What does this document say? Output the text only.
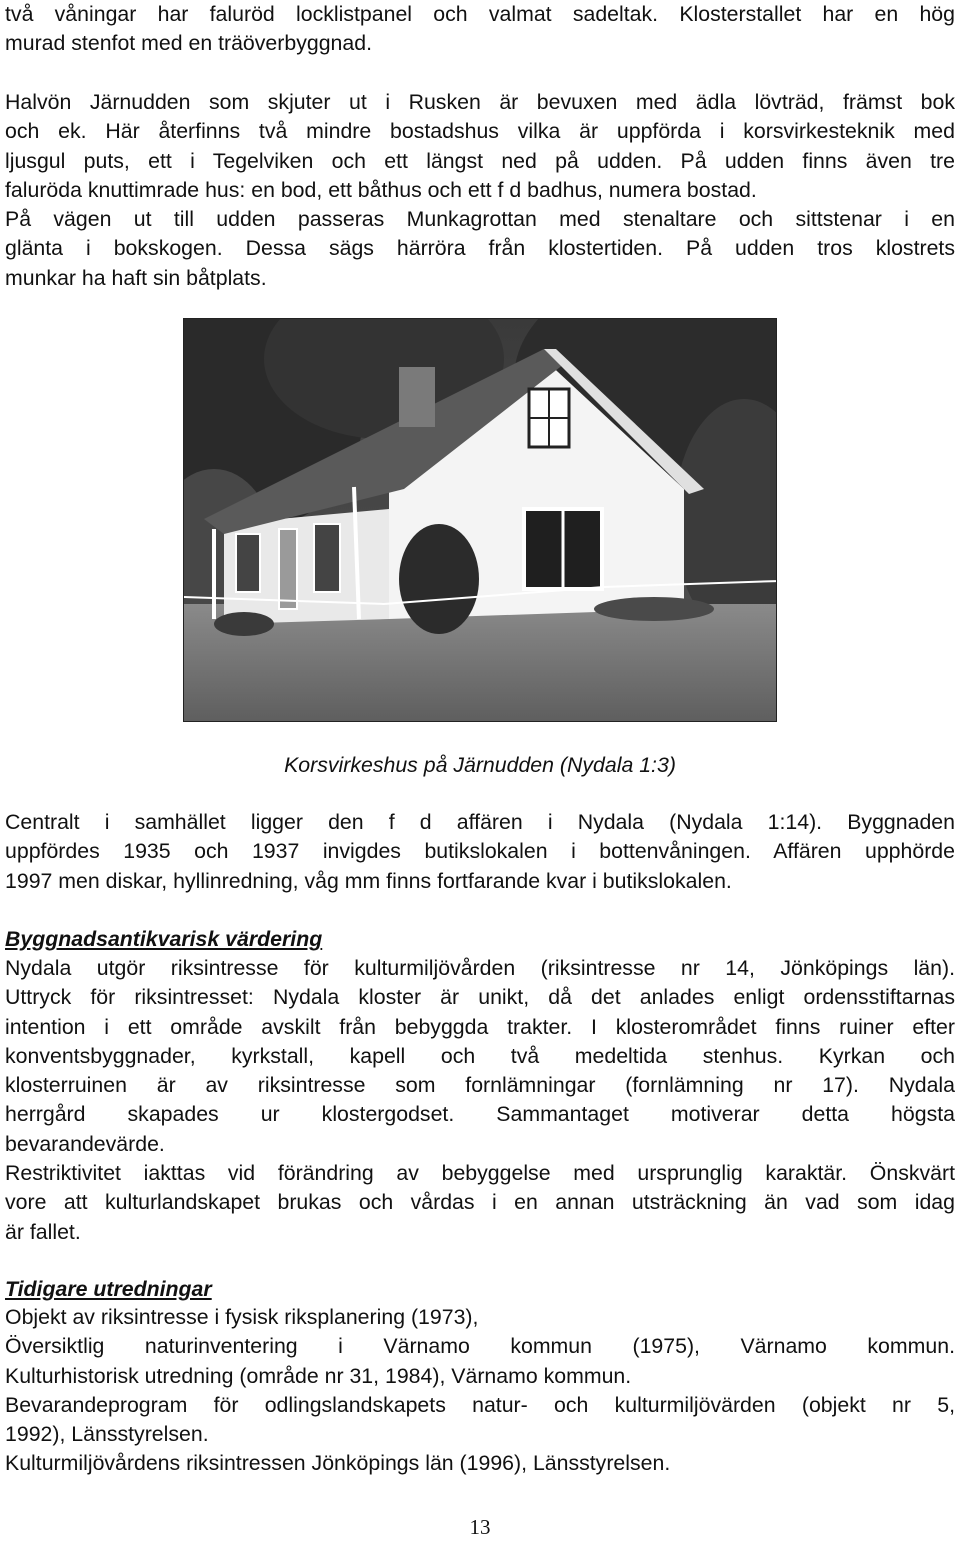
två våningar har faluröd locklistpanel och valmat sadeltak. Klosterstallet har en hög
murad stenfot med en träöverbyggnad.
Halvön Järnudden som skjuter ut i Rusken är bevuxen med ädla lövträd, främst bok
och ek. Här återfinns två mindre bostadshus vilka är uppförda i korsvirkesteknik med
ljusgul puts, ett i Tegelviken och ett längst ned på udden. På udden finns även tre
faluröda knuttimrade hus: en bod, ett båthus och ett f d badhus, numera bostad.
På vägen ut till udden passeras Munkagrottan med stenaltare och sittstenar i en
glänta i bokskogen. Dessa sägs härröra från klostertiden. På udden tros klostrets
munkar ha haft sin båtplats.

Korsvirkeshus på Järnudden (Nydala 1:3)

Centralt i samhället ligger den f d affären i Nydala (Nydala 1:14). Byggnaden
uppfördes 1935 och 1937 invigdes butikslokalen i bottenvåningen. Affären upphörde
1997 men diskar, hyllinredning, våg mm finns fortfarande kvar i butikslokalen.

Byggnadsantikvarisk värdering

Nydala utgör riksintresse för kulturmiljövården (riksintresse nr 14, Jönköpings län).
Uttryck för riksintresset: Nydala kloster är unikt, då det anlades enligt ordensstiftarnas
intention i ett område avskilt från bebyggda trakter. I klosterområdet finns ruiner efter
konventsbyggnader, kyrkstall, kapell och två medeltida stenhus. Kyrkan och
klosterruinen är av riksintresse som fornlämningar (fornlämning nr 17). Nydala
herrgård skapades ur klostergodset. Sammantaget motiverar detta högsta
bevarandevärde.
Restriktivitet iakttas vid förändring av bebyggelse med ursprunglig karaktär. Önskvärt
vore att kulturlandskapet brukas och vårdas i en annan utsträckning än vad som idag
är fallet.

Tidigare utredningar

Objekt av riksintresse i fysisk riksplanering (1973),
Översiktlig naturinventering i Värnamo kommun (1975), Värnamo kommun.
Kulturhistorisk utredning (område nr 31, 1984), Värnamo kommun.
Bevarandeprogram för odlingslandskapets natur- och kulturmiljövärden (objekt nr 5,
1992), Länsstyrelsen.
Kulturmiljövårdens riksintressen Jönköpings län (1996), Länsstyrelsen.
13
